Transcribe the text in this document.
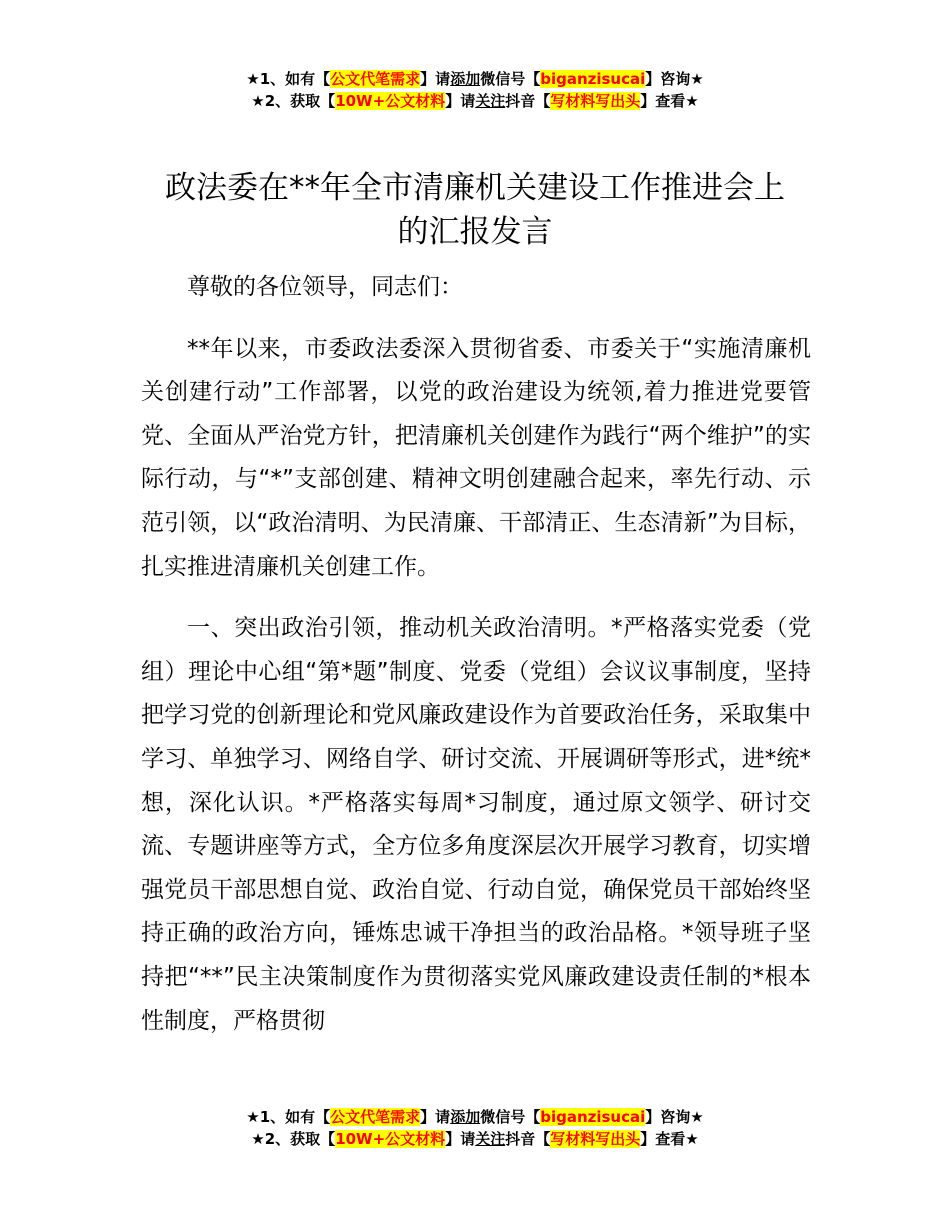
★1、如有【公文代笔需求】请添加微信号【biganzisucai】咨询★
★2、获取【10W+公文材料】请关注抖音【写材料写出头】查看★
政法委在**年全市清廉机关建设工作推进会上
的汇报发言

尊敬的各位领导，同志们：

**年以来，市委政法委深入贯彻省委、市委关于“实施清廉机关创建行动”工作部署，以党的政治建设为统领,着力推进党要管党、全面从严治党方针，把清廉机关创建作为践行“两个维护”的实际行动，与“*”支部创建、精神文明创建融合起来，率先行动、示范引领，以“政治清明、为民清廉、干部清正、生态清新”为目标，扎实推进清廉机关创建工作。

一、突出政治引领，推动机关政治清明。*严格落实党委（党组）理论中心组“第*题”制度、党委（党组）会议议事制度，坚持把学习党的创新理论和党风廉政建设作为首要政治任务，采取集中学习、单独学习、网络自学、研讨交流、开展调研等形式，进*统*想，深化认识。*严格落实每周*习制度，通过原文领学、研讨交流、专题讲座等方式，全方位多角度深层次开展学习教育，切实增强党员干部思想自觉、政治自觉、行动自觉，确保党员干部始终坚持正确的政治方向，锤炼忠诚干净担当的政治品格。*领导班子坚持把“**”民主决策制度作为贯彻落实党风廉政建设责任制的*根本性制度，严格贯彻

★1、如有【公文代笔需求】请添加微信号【biganzisucai】咨询★
★2、获取【10W+公文材料】请关注抖音【写材料写出头】查看★
